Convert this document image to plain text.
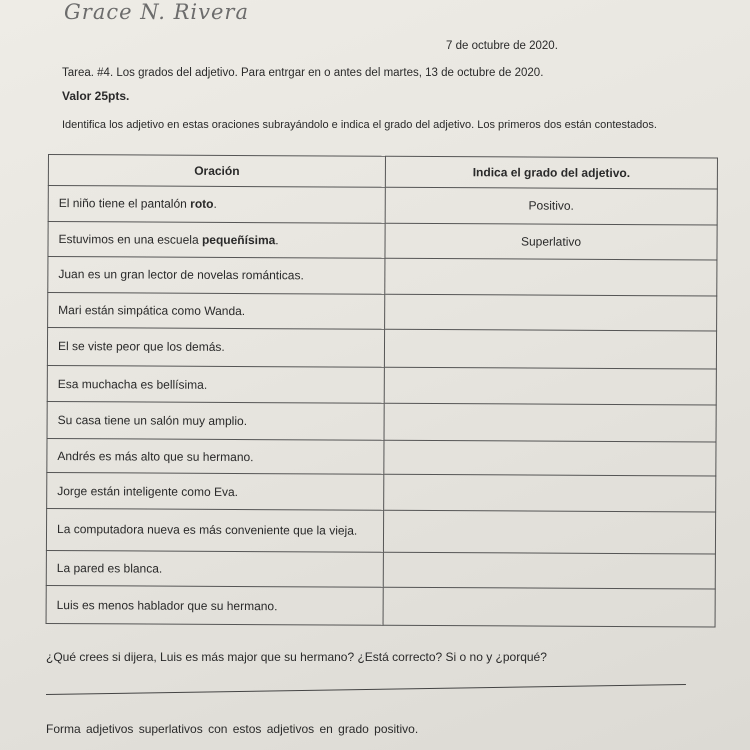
Grace N. Rivera
7 de octubre de 2020.
Tarea. #4. Los grados del adjetivo. Para entrgar en o antes del martes, 13 de octubre de 2020.
Valor 25pts.
Identifica los adjetivo en estas oraciones subrayándolo e indica el grado del adjetivo. Los primeros dos están contestados.
Oración	Indica el grado del adjetivo.
El niño tiene el pantalón roto.	Positivo.
Estuvimos en una escuela pequeñísima.	Superlativo
Juan es un gran lector de novelas románticas.	
Mari están simpática como Wanda.	
El se viste peor que los demás.	
Esa muchacha es bellísima.	
Su casa tiene un salón muy amplio.	
Andrés es más alto que su hermano.	
Jorge están inteligente como Eva.	
La computadora nueva es más conveniente que la vieja.	
La pared es blanca.	
Luis es menos hablador que su hermano.	
¿Qué crees si dijera, Luis es más major que su hermano? ¿Está correcto? Si o no y ¿porqué?
Forma adjetivos superlativos con estos adjetivos en grado positivo.
